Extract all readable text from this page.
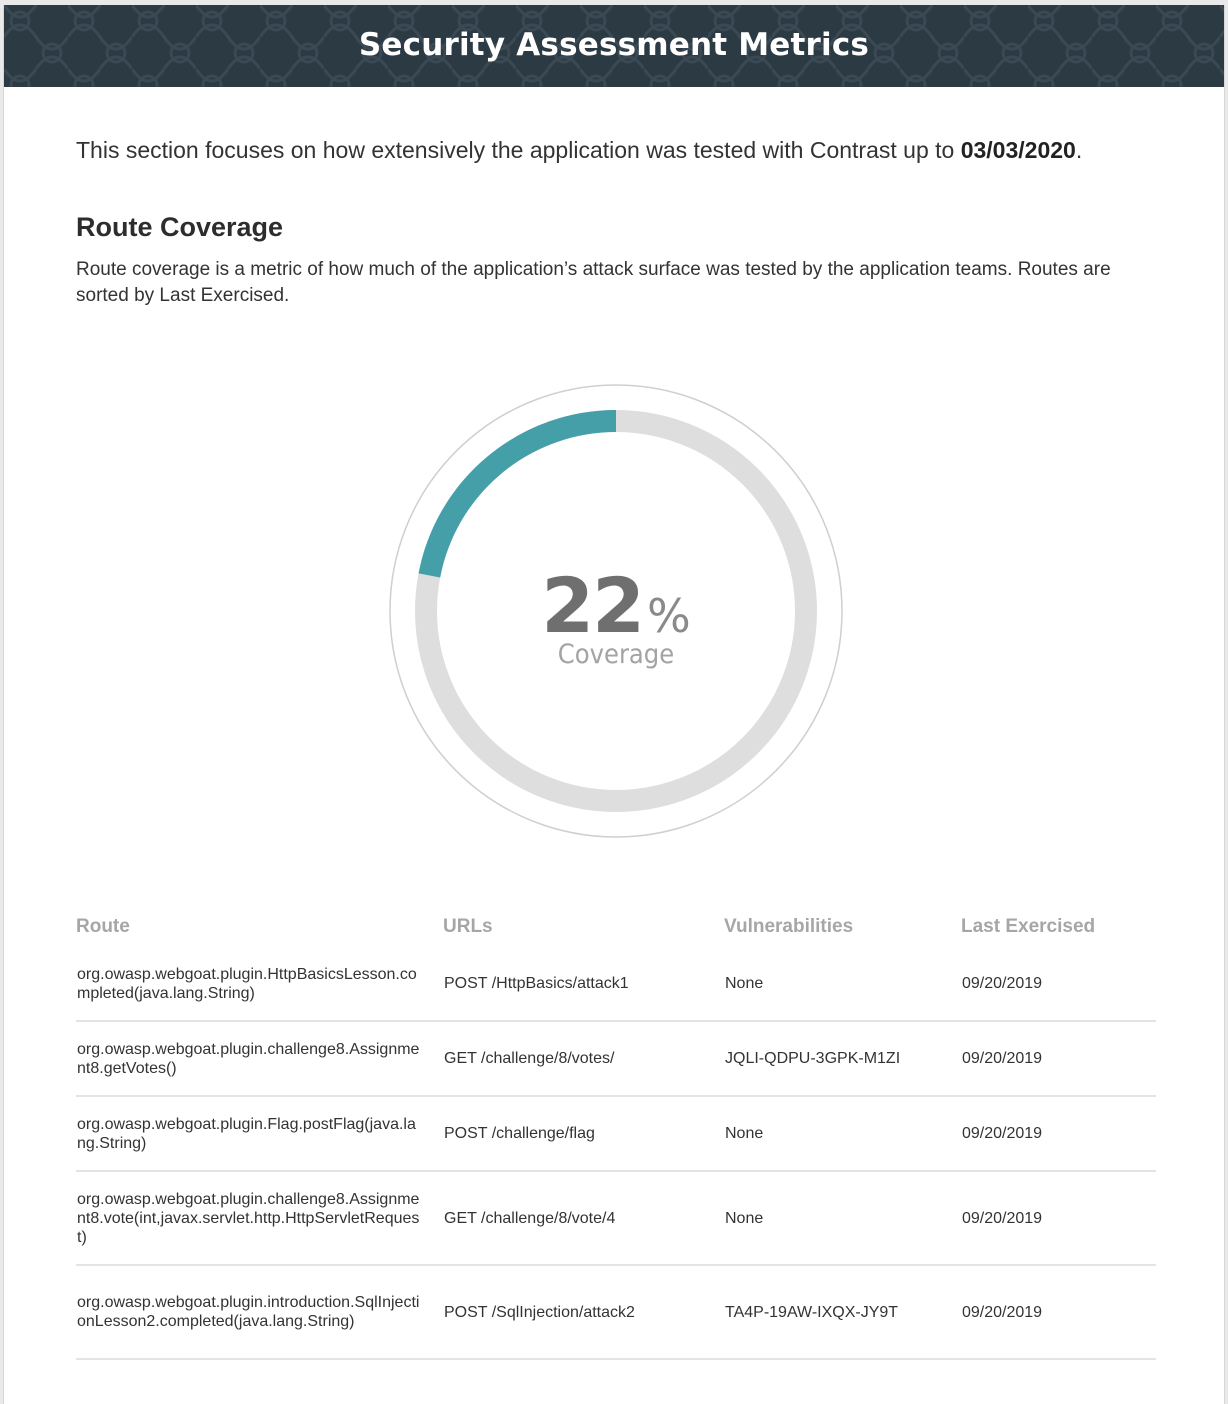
Security Assessment Metrics
This section focuses on how extensively the application was tested with Contrast up to 03/03/2020.
Route Coverage
Route coverage is a metric of how much of the application’s attack surface was tested by the application teams. Routes are sorted by Last Exercised.
22%
Coverage
Route	URLs	Vulnerabilities	Last Exercised
org.owasp.webgoat.plugin.HttpBasicsLesson.completed(java.lang.String)	POST /HttpBasics/attack1	None	09/20/2019
org.owasp.webgoat.plugin.challenge8.Assignment8.getVotes()	GET /challenge/8/votes/	JQLI-QDPU-3GPK-M1ZI	09/20/2019
org.owasp.webgoat.plugin.Flag.postFlag(java.lang.String)	POST /challenge/flag	None	09/20/2019
org.owasp.webgoat.plugin.challenge8.Assignment8.vote(int,javax.servlet.http.HttpServletRequest)	GET /challenge/8/vote/4	None	09/20/2019
org.owasp.webgoat.plugin.introduction.SqlInjectionLesson2.completed(java.lang.String)	POST /SqlInjection/attack2	TA4P-19AW-IXQX-JY9T	09/20/2019
